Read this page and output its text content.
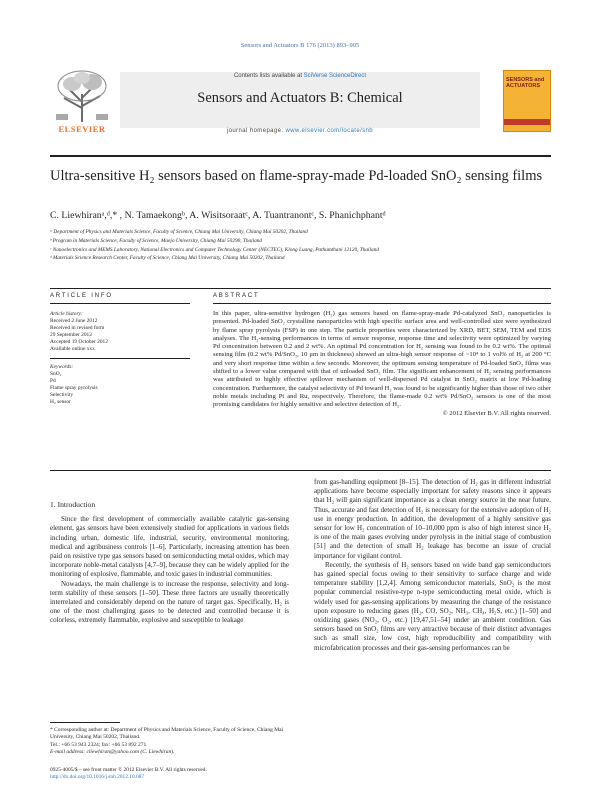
Sensors and Actuators B 176 (2013) 893–905
ELSEVIER
Contents lists available at SciVerse ScienceDirect
Sensors and Actuators B: Chemical
journal homepage: www.elsevier.com/locate/snb
SENSORS and ACTUATORS
Ultra-sensitive H₂ sensors based on flame-spray-made Pd-loaded SnO₂ sensing films
C. Liewhiranᵃ,ᵈ,* , N. Tamaekongᵇ, A. Wisitsoraatᶜ, A. Tuantranontᶜ, S. Phanichphantᵈ
ᵃ Department of Physics and Materials Science, Faculty of Science, Chiang Mai University, Chiang Mai 50202, Thailand
ᵇ Program in Materials Science, Faculty of Science, Maejo University, Chiang Mai 50290, Thailand
ᶜ Nanoelectronics and MEMS Laboratory, National Electronics and Computer Technology Center (NECTEC), Klong Luang, Pathumthani 12120, Thailand
ᵈ Materials Science Research Center, Faculty of Science, Chiang Mai University, Chiang Mai 50202, Thailand
ARTICLE INFO	ABSTRACT
Article history:
Received 2 June 2012
Received in revised form
29 September 2012
Accepted 19 October 2012
Available online xxx
Keywords:
SnO₂
Pd
Flame spray pyrolysis
Selectivity
H₂ sensor

In this paper, ultra-sensitive hydrogen (H₂) gas sensors based on flame-spray-made Pd-catalyzed SnO₂ nanoparticles is presented. Pd-loaded SnO₂ crystalline nanoparticles with high specific surface area and well-controlled size were synthesized by flame spray pyrolysis (FSP) in one step. The particle properties were characterized by XRD, BET, SEM, TEM and EDS analyses. The H₂-sensing performances in terms of sensor response, response time and selectivity were optimized by varying Pd concentration between 0.2 and 2 wt%. An optimal Pd concentration for H₂ sensing was found to be 0.2 wt%. The optimal sensing film (0.2 wt% Pd/SnO₂, 10 μm in thickness) showed an ultra-high sensor response of ~10⁴ to 1 vol% of H₂ at 200 °C and very short response time within a few seconds. Moreover, the optimum sensing temperature of Pd-loaded SnO₂ films was shifted to a lower value compared with that of unloaded SnO₂ film. The significant enhancement of H₂ sensing performances was attributed to highly effective spillover mechanism of well-dispersed Pd catalyst in SnO₂ matrix at low Pd-loading concentration. Furthermore, the catalyst selectivity of Pd toward H₂ was found to be significantly higher than those of two other noble metals including Pt and Ru, respectively. Therefore, the flame-made 0.2 wt% Pd/SnO₂ sensors is one of the most promising candidates for highly sensitive and selective detection of H₂.

© 2012 Elsevier B.V. All rights reserved.

1. Introduction

Since the first development of commercially available catalytic gas-sensing element, gas sensors have been extensively studied for applications in various fields including urban, domestic life, industrial, security, environmental monitoring, medical and agribusiness controls [1–6]. Particularly, increasing attention has been paid on resistive type gas sensors based on semiconducting metal oxides, which may incorporate noble-metal catalysts [4,7–9], because they can be widely applied for the monitoring of explosive, flammable, and toxic gases in industrial communities.

Nowadays, the main challenge is to increase the response, selectivity and long-term stability of these sensors [1–50]. These three factors are usually theoretically interrelated and considerably depend on the nature of target gas. Specifically, H₂ is one of the most challenging gases to be detected and controlled because it is colorless, extremely flammable, explosive and susceptible to leakage

from gas-handling equipment [8–15]. The detection of H₂ gas in different industrial applications have become especially important for safety reasons since it appears that H₂ will gain significant importance as a clean energy source in the near future. Thus, accurate and fast detection of H₂ is necessary for the extensive adoption of H₂ use in energy production. In addition, the development of a highly sensitive gas sensor for low H₂ concentration of 10–10,000 ppm is also of high interest since H₂ is one of the main gases evolving under pyrolysis in the initial stage of combustion [51] and the detection of small H₂ leakage has become an issue of crucial importance for vigilant control.

Recently, the synthesis of H₂ sensors based on wide band gap semiconductors has gained special focus owing to their sensitivity to surface charge and wide temperature stability [1,2,4]. Among semiconductor materials, SnO₂ is the most popular commercial resistive-type n-type semiconducting metal oxide, which is widely used for gas-sensing applications by measuring the change of the resistance upon exposure to reducing gases (H₂, CO, SO₂, NH₃, CH₄, H₂S, etc.) [1–50] and oxidizing gases (NO₂, O₂, etc.) [19,47,51–54] under an ambient condition. Gas sensors based on SnO₂ films are very attractive because of their distinct advantages such as small size, low cost, high reproducibility and compatibility with microfabrication processes and their gas-sensing performances can be

* Corresponding author at: Department of Physics and Materials Science, Faculty of Science, Chiang Mai University, Chiang Mai 50202, Thailand.
Tel.: +66 53 943 2324; fax: +66 53 892 271.
E-mail address: cliewhiran@yahoo.com (C. Liewhiran).
0925-4005/$ – see front matter © 2012 Elsevier B.V. All rights reserved.
http://dx.doi.org/10.1016/j.snb.2012.10.087
